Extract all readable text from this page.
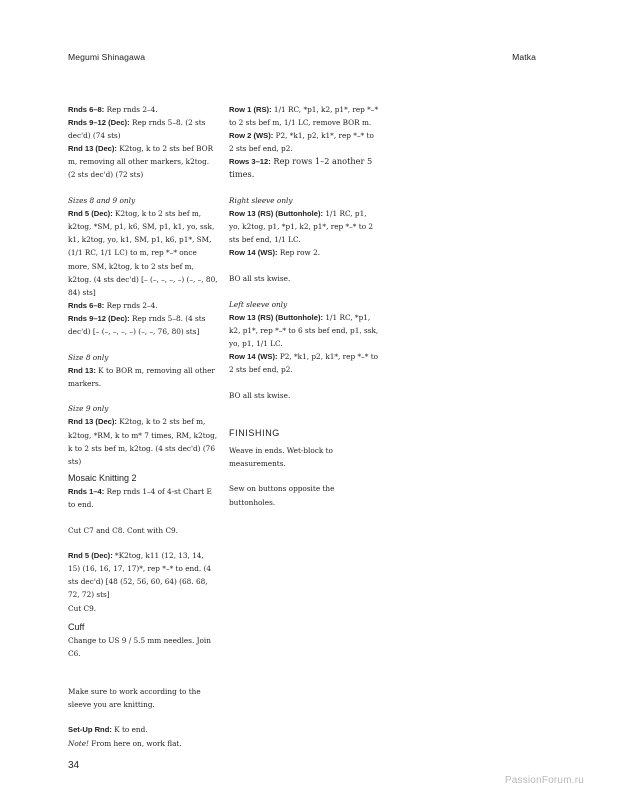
Megumi Shinagawa	Matka

Rnds 6–8: Rep rnds 2–4.

Rnds 9–12 (Dec): Rep rnds 5–8. (2 sts dec'd) (74 sts)

Rnd 13 (Dec): K2tog, k to 2 sts bef BOR m, removing all other markers, k2tog. (2 sts dec'd) (72 sts)

Sizes 8 and 9 only

Rnd 5 (Dec): K2tog, k to 2 sts bef m, k2tog, *SM, p1, k6, SM, p1, k1, yo, ssk, k1, k2tog, yo, k1, SM, p1, k6, p1*, SM, (1/1 RC, 1/1 LC) to m, rep *–* once more, SM, k2tog, k to 2 sts bef m, k2tog. (4 sts dec'd) [– (–, –, –, –) (–, –, 80, 84) sts]

Rnds 6–8: Rep rnds 2–4.

Rnds 9–12 (Dec): Rep rnds 5–8. (4 sts dec'd) [– (–, –, –, –) (–, –, 76, 80) sts]

Size 8 only

Rnd 13: K to BOR m, removing all other markers.

Size 9 only

Rnd 13 (Dec): K2tog, k to 2 sts bef m, k2tog, *RM, k to m* 7 times, RM, k2tog, k to 2 sts bef m, k2tog. (4 sts dec'd) (76 sts)

Mosaic Knitting 2

Rnds 1–4: Rep rnds 1–4 of 4-st Chart E to end.

Cut C7 and C8. Cont with C9.

Rnd 5 (Dec): *K2tog, k11 (12, 13, 14, 15) (16, 16, 17, 17)*, rep *–* to end. (4 sts dec'd) [48 (52, 56, 60, 64) (68. 68, 72, 72) sts]

Cut C9.

Cuff

Change to US 9 / 5.5 mm needles. Join C6.

Make sure to work according to the sleeve you are knitting.

Set-Up Rnd: K to end.

Note! From here on, work flat.

Row 1 (RS): 1/1 RC, *p1, k2, p1*, rep *–* to 2 sts bef m, 1/1 LC, remove BOR m.

Row 2 (WS): P2, *k1, p2, k1*, rep *–* to 2 sts bef end, p2.

Rows 3–12: Rep rows 1–2 another 5 times.

Right sleeve only

Row 13 (RS) (Buttonhole): 1/1 RC, p1, yo, k2tog, p1, *p1, k2, p1*, rep *–* to 2 sts bef end, 1/1 LC.

Row 14 (WS): Rep row 2.

BO all sts kwise.

Left sleeve only

Row 13 (RS) (Buttonhole): 1/1 RC, *p1, k2, p1*, rep *–* to 6 sts bef end, p1, ssk, yo, p1, 1/1 LC.

Row 14 (WS): P2, *k1, p2, k1*, rep *–* to 2 sts bef end, p2.

BO all sts kwise.

FINISHING

Weave in ends. Wet-block to measurements.

Sew on buttons opposite the buttonholes.

34
PassionForum.ru
